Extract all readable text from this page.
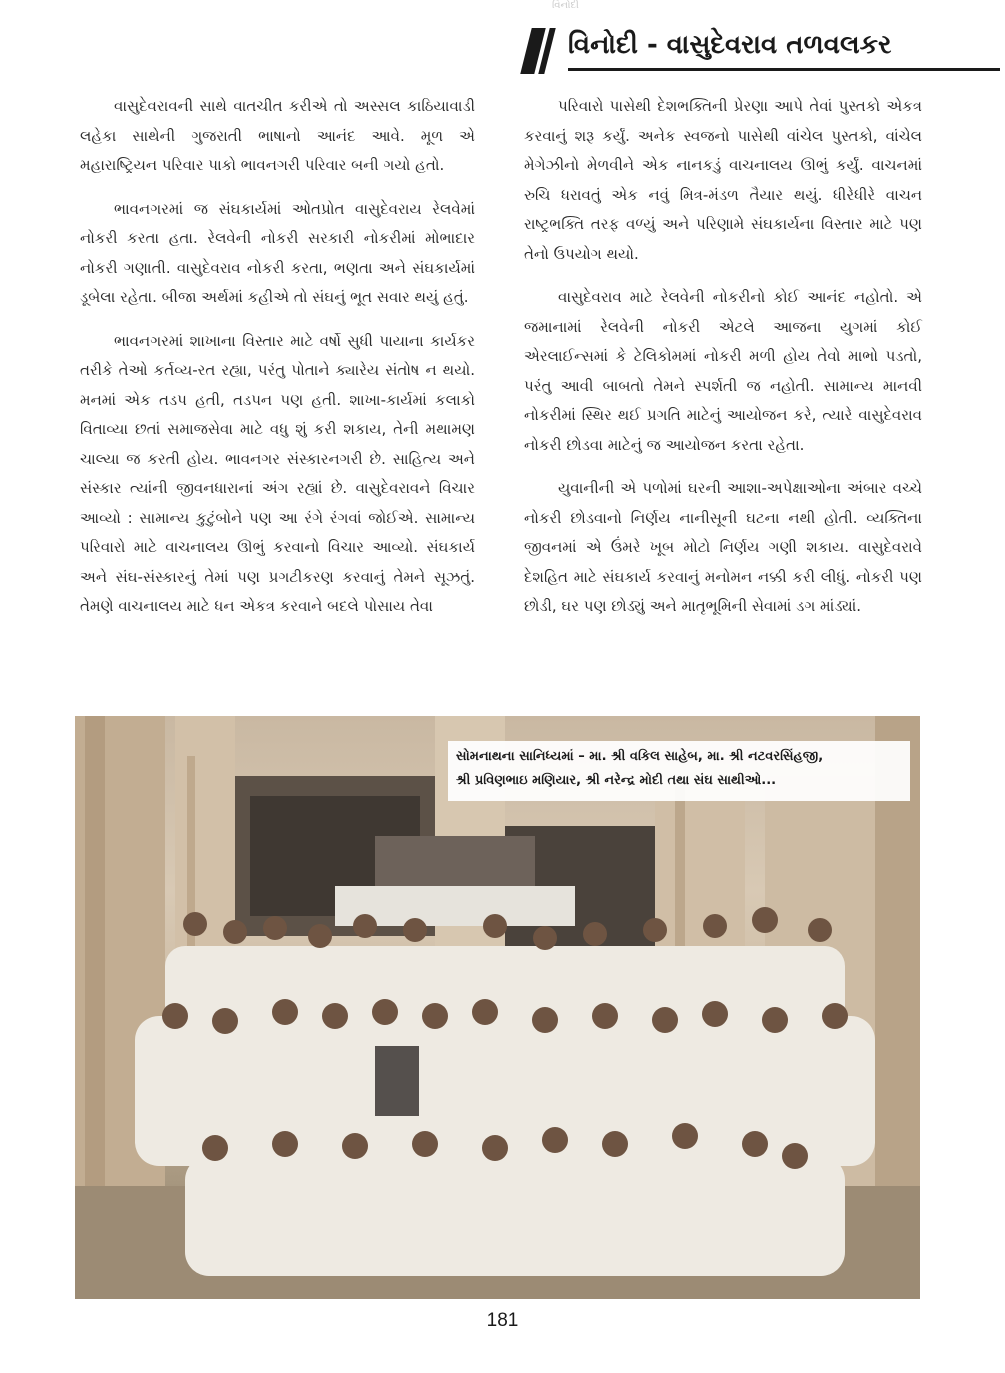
વિનોદી
વિનોદી - વાસુદેવરાવ તળવલકર

વાસુદેવરાવની સાથે વાતચીત કરીએ તો અસ્સલ કાઠિયાવાડી લહેકા સાથેની ગુજરાતી ભાષાનો આનંદ આવે. મૂળ એ મહારાષ્ટ્રિયન પરિવાર પાકો ભાવનગરી પરિવાર બની ગયો હતો.

ભાવનગરમાં જ સંઘકાર્યમાં ઓતપ્રોત વાસુદેવરાય રેલવેમાં નોકરી કરતા હતા. રેલવેની નોકરી સરકારી નોકરીમાં મોભાદાર નોકરી ગણાતી. વાસુદેવરાવ નોકરી કરતા, ભણતા અને સંઘકાર્યમાં ડૂબેલા રહેતા. બીજા અર્થમાં કહીએ તો સંઘનું ભૂત સવાર થયું હતું.

ભાવનગરમાં શાખાના વિસ્તાર માટે વર્ષો સુધી પાયાના કાર્યકર તરીકે તેઓ કર્તવ્ય-રત રહ્યા, પરંતુ પોતાને ક્યારેય સંતોષ ન થયો. મનમાં એક તડપ હતી, તડપન પણ હતી. શાખા-કાર્યમાં કલાકો વિતાવ્યા છતાં સમાજસેવા માટે વધુ શું કરી શકાય, તેની મથામણ ચાલ્યા જ કરતી હોય. ભાવનગર સંસ્કારનગરી છે. સાહિત્ય અને સંસ્કાર ત્યાંની જીવનધારાનાં અંગ રહ્યાં છે. વાસુદેવરાવને વિચાર આવ્યો : સામાન્ય કુટુંબોને પણ આ રંગે રંગવાં જોઈએ. સામાન્ય પરિવારો માટે વાચનાલય ઊભું કરવાનો વિચાર આવ્યો. સંઘકાર્ય અને સંઘ-સંસ્કારનું તેમાં પણ પ્રગટીકરણ કરવાનું તેમને સૂઝતું. તેમણે વાચનાલય માટે ધન એકત્ર કરવાને બદલે પોસાય તેવા

પરિવારો પાસેથી દેશભક્તિની પ્રેરણા આપે તેવાં પુસ્તકો એકત્ર કરવાનું શરૂ કર્યું. અનેક સ્વજનો પાસેથી વાંચેલ પુસ્તકો, વાંચેલ મેગેઝીનો મેળવીને એક નાનકડું વાચનાલય ઊભું કર્યું. વાચનમાં રુચિ ધરાવતું એક નવું મિત્ર-મંડળ તૈયાર થયું. ધીરેધીરે વાચન રાષ્ટ્રભક્તિ તરફ વળ્યું અને પરિણામે સંઘકાર્યના વિસ્તાર માટે પણ તેનો ઉપયોગ થયો.

વાસુદેવરાવ માટે રેલવેની નોકરીનો કોઈ આનંદ નહોતો. એ જમાનામાં રેલવેની નોકરી એટલે આજના યુગમાં કોઈ એરલાઈન્સમાં કે ટેલિકોમમાં નોકરી મળી હોય તેવો માભો પડતો, પરંતુ આવી બાબતો તેમને સ્પર્શતી જ નહોતી. સામાન્ય માનવી નોકરીમાં સ્થિર થઈ પ્રગતિ માટેનું આયોજન કરે, ત્યારે વાસુદેવરાવ નોકરી છોડવા માટેનું જ આયોજન કરતા રહેતા.

યુવાનીની એ પળોમાં ઘરની આશા-અપેક્ષાઓના અંબાર વચ્ચે નોકરી છોડવાનો નિર્ણય નાનીસૂની ઘટના નથી હોતી. વ્યક્તિના જીવનમાં એ ઉંમરે ખૂબ મોટો નિર્ણય ગણી શકાય. વાસુદેવરાવે દેશહિત માટે સંઘકાર્ય કરવાનું મનોમન નક્કી કરી લીધું. નોકરી પણ છોડી, ઘર પણ છોડ્યું અને માતૃભૂમિની સેવામાં ડગ માંડ્યાં.

સોમનાથના સાનિધ્યમાં – મા. શ્રી વકિલ સાહેબ, મા. શ્રી નટવરસિંહજી,
શ્રી પ્રવિણભાઇ મણિયાર, શ્રી નરેન્દ્ર મોદી તથા સંઘ સાથીઓ...
181
